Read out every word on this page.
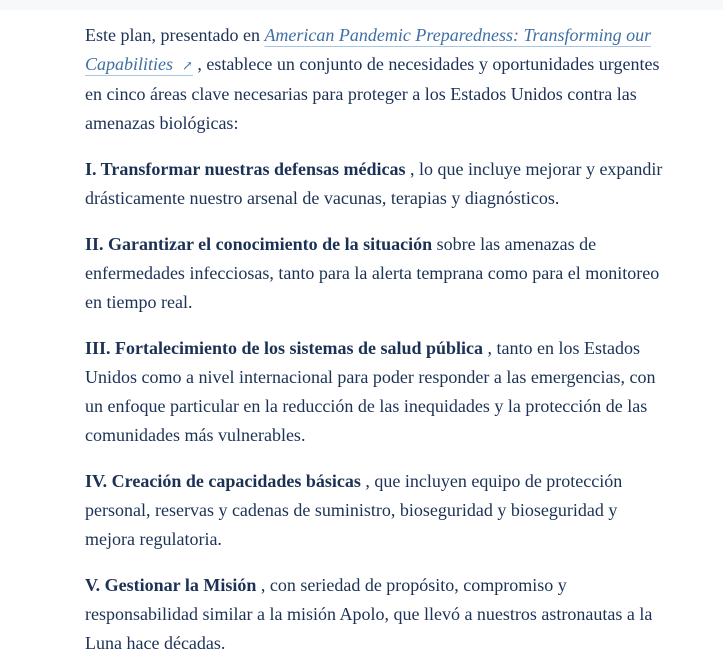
Este plan, presentado en American Pandemic Preparedness: Transforming our Capabilities ↗ , establece un conjunto de necesidades y oportunidades urgentes en cinco áreas clave necesarias para proteger a los Estados Unidos contra las amenazas biológicas:

I. Transformar nuestras defensas médicas , lo que incluye mejorar y expandir drásticamente nuestro arsenal de vacunas, terapias y diagnósticos.

II. Garantizar el conocimiento de la situación sobre las amenazas de enfermedades infecciosas, tanto para la alerta temprana como para el monitoreo en tiempo real.

III. Fortalecimiento de los sistemas de salud pública , tanto en los Estados Unidos como a nivel internacional para poder responder a las emergencias, con un enfoque particular en la reducción de las inequidades y la protección de las comunidades más vulnerables.

IV. Creación de capacidades básicas , que incluyen equipo de protección personal, reservas y cadenas de suministro, bioseguridad y bioseguridad y mejora regulatoria.

V. Gestionar la Misión , con seriedad de propósito, compromiso y responsabilidad similar a la misión Apolo, que llevó a nuestros astronautas a la Luna hace décadas.
